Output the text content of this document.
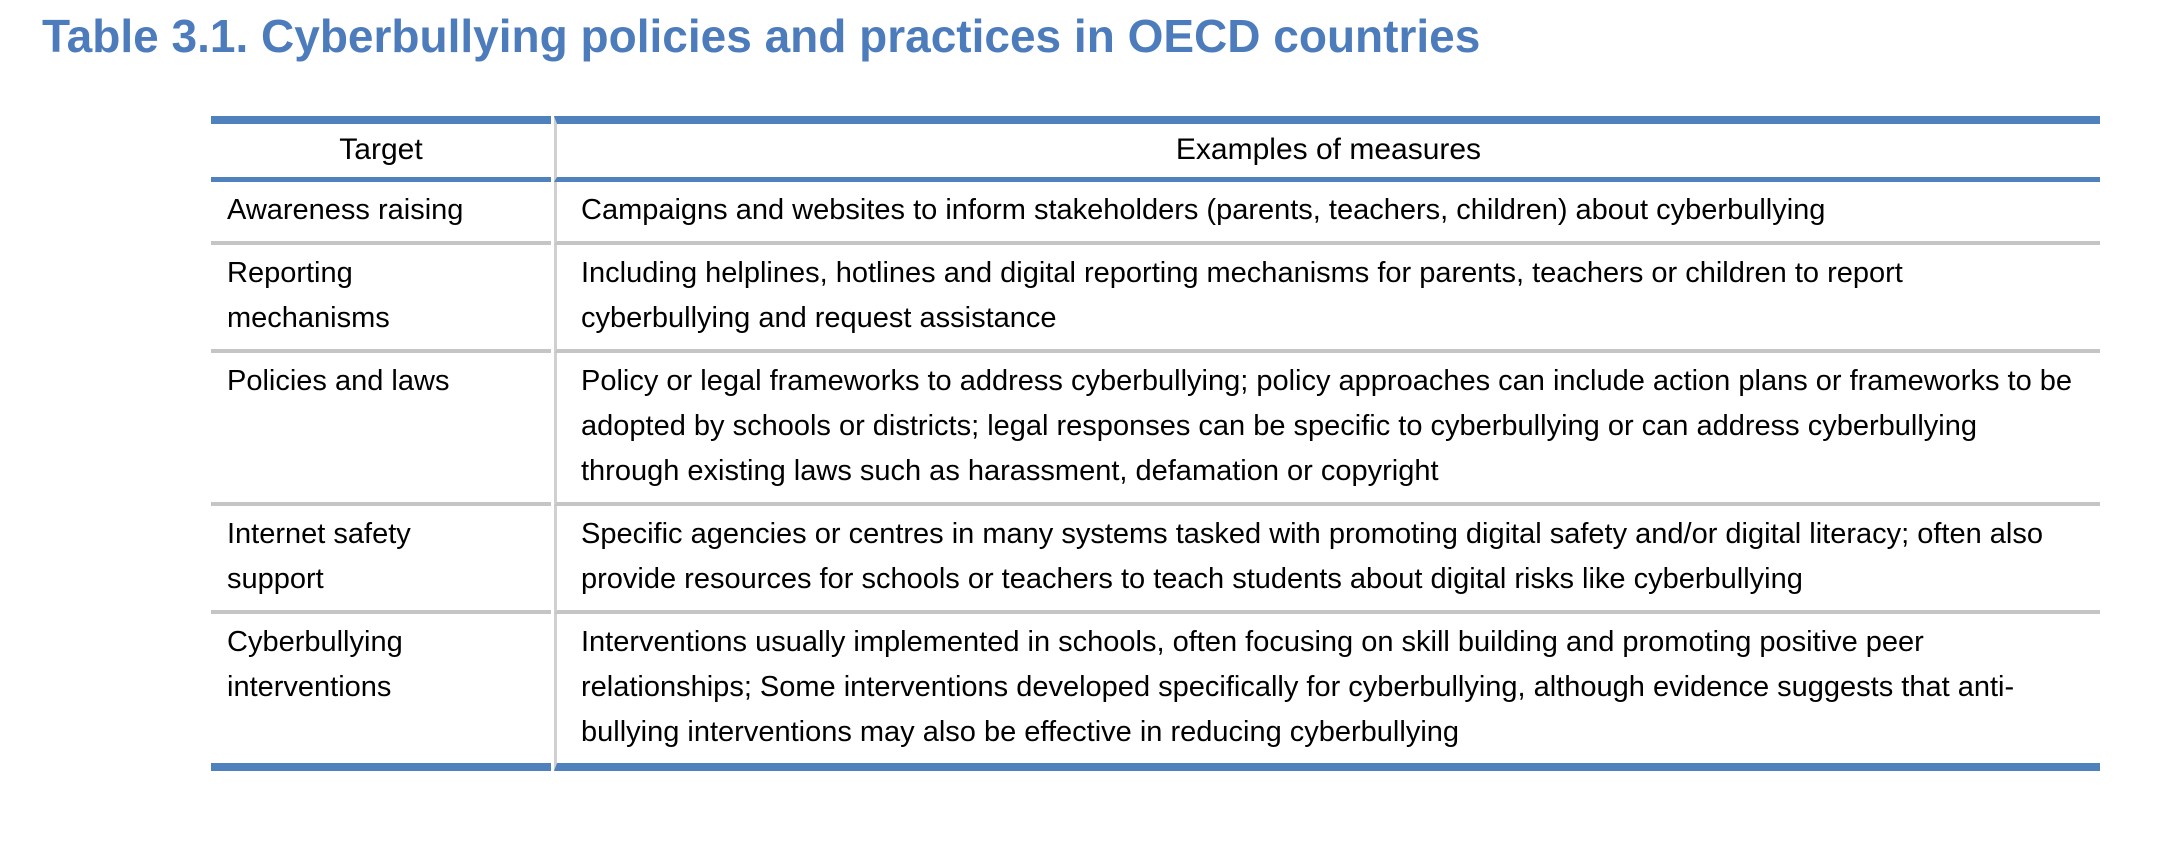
Table 3.1. Cyberbullying policies and practices in OECD countries
Target	Examples of measures
Awareness raising	Campaigns and websites to inform stakeholders (parents, teachers, children) about cyberbullying
Reporting mechanisms	Including helplines, hotlines and digital reporting mechanisms for parents, teachers or children to report cyberbullying and request assistance
Policies and laws	Policy or legal frameworks to address cyberbullying; policy approaches can include action plans or frameworks to be adopted by schools or districts; legal responses can be specific to cyberbullying or can address cyberbullying through existing laws such as harassment, defamation or copyright
Internet safety support	Specific agencies or centres in many systems tasked with promoting digital safety and/or digital literacy; often also provide resources for schools or teachers to teach students about digital risks like cyberbullying
Cyberbullying interventions	Interventions usually implemented in schools, often focusing on skill building and promoting positive peer relationships; Some interventions developed specifically for cyberbullying, although evidence suggests that anti-bullying interventions may also be effective in reducing cyberbullying
